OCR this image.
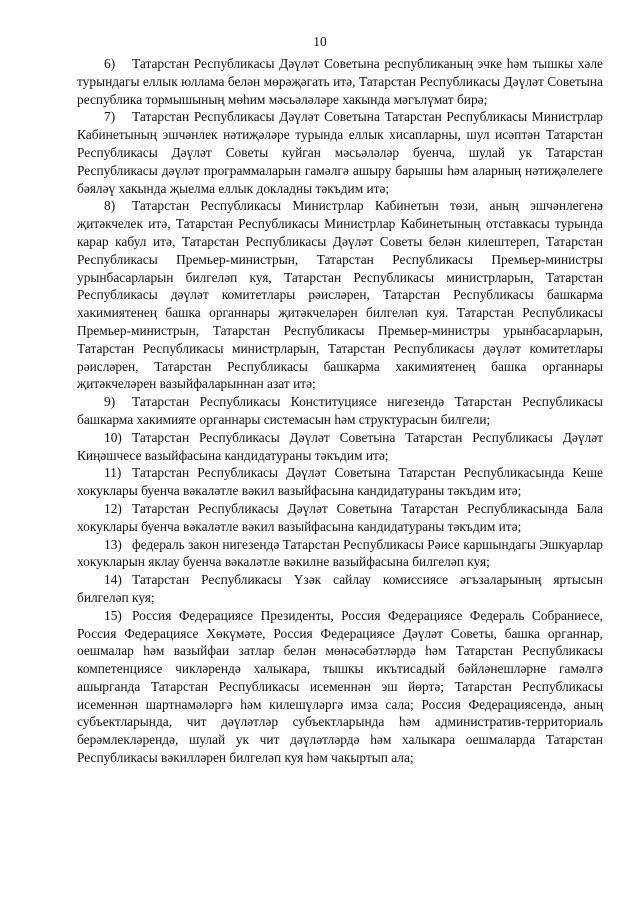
10

6) Татарстан Республикасы Дәүләт Советына республиканың эчке һәм тышкы хәле турындагы еллык юллама белән мөрәҗәгать итә, Татарстан Республикасы Дәүләт Советына республика тормышының мөһим мәсьәләләре хакында мәгълүмат бирә;

7) Татарстан Республикасы Дәүләт Советына Татарстан Республикасы Министрлар Кабинетының эшчәнлек нәтиҗәләре турында еллык хисапларны, шул исәптән Татарстан Республикасы Дәүләт Советы куйган мәсьәләләр буенча, шулай ук Татарстан Республикасы дәүләт программаларын гамәлгә ашыру барышы һәм аларның нәтиҗәлелеге бәяләү хакында җыелма еллык докладны тәкъдим итә;

8) Татарстан Республикасы Министрлар Кабинетын төзи, аның эшчәнлегенә җитәкчелек итә, Татарстан Республикасы Министрлар Кабинетының отставкасы турында карар кабул итә, Татарстан Республикасы Дәүләт Советы белән килештереп, Татарстан Республикасы Премьер-министрын, Татарстан Республикасы Премьер-министры урынбасарларын билгеләп куя, Татарстан Республикасы министрларын, Татарстан Республикасы дәүләт комитетлары рәисләрен, Татарстан Республикасы башкарма хакимиятенең башка органнары җитәкчеләрен билгеләп куя. Татарстан Республикасы Премьер-министрын, Татарстан Республикасы Премьер-министры урынбасарларын, Татарстан Республикасы министрларын, Татарстан Республикасы дәүләт комитетлары рәисләрен, Татарстан Республикасы башкарма хакимиятенең башка органнары җитәкчеләрен вазыйфаларыннан азат итә;

9) Татарстан Республикасы Конституциясе нигезендә Татарстан Республикасы башкарма хакимияте органнары системасын һәм структурасын билгели;

10) Татарстан Республикасы Дәүләт Советына Татарстан Республикасы Дәүләт Киңәшчесе вазыйфасына кандидатураны тәкъдим итә;

11) Татарстан Республикасы Дәүләт Советына Татарстан Республикасында Кеше хокуклары буенча вәкаләтле вәкил вазыйфасына кандидатураны тәкъдим итә;

12) Татарстан Республикасы Дәүләт Советына Татарстан Республикасында Бала хокуклары буенча вәкаләтле вәкил вазыйфасына кандидатураны тәкъдим итә;

13) федераль закон нигезендә Татарстан Республикасы Рәисе каршындагы Эшкуарлар хокукларын яклау буенча вәкаләтле вәкилне вазыйфасына билгеләп куя;

14) Татарстан Республикасы Үзәк сайлау комиссиясе әгъзаларының яртысын билгеләп куя;

15) Россия Федерациясе Президенты, Россия Федерациясе Федераль Собраниесе, Россия Федерациясе Хөкүмәте, Россия Федерациясе Дәүләт Советы, башка органнар, оешмалар һәм вазыйфаи затлар белән мөнәсәбәтләрдә һәм Татарстан Республикасы компетенциясе чикләрендә халыкара, тышкы икътисадый бәйләнешләрне гамәлгә ашырганда Татарстан Республикасы исеменнән эш йөртә; Татарстан Республикасы исеменнән шартнамәләргә һәм килешүләргә имза сала; Россия Федерациясендә, аның субъектларында, чит дәүләтләр субъектларында һәм административ-территориаль берәмлекләрендә, шулай ук чит дәүләтләрдә һәм халыкара оешмаларда Татарстан Республикасы вәкилләрен билгеләп куя һәм чакыртып ала;
